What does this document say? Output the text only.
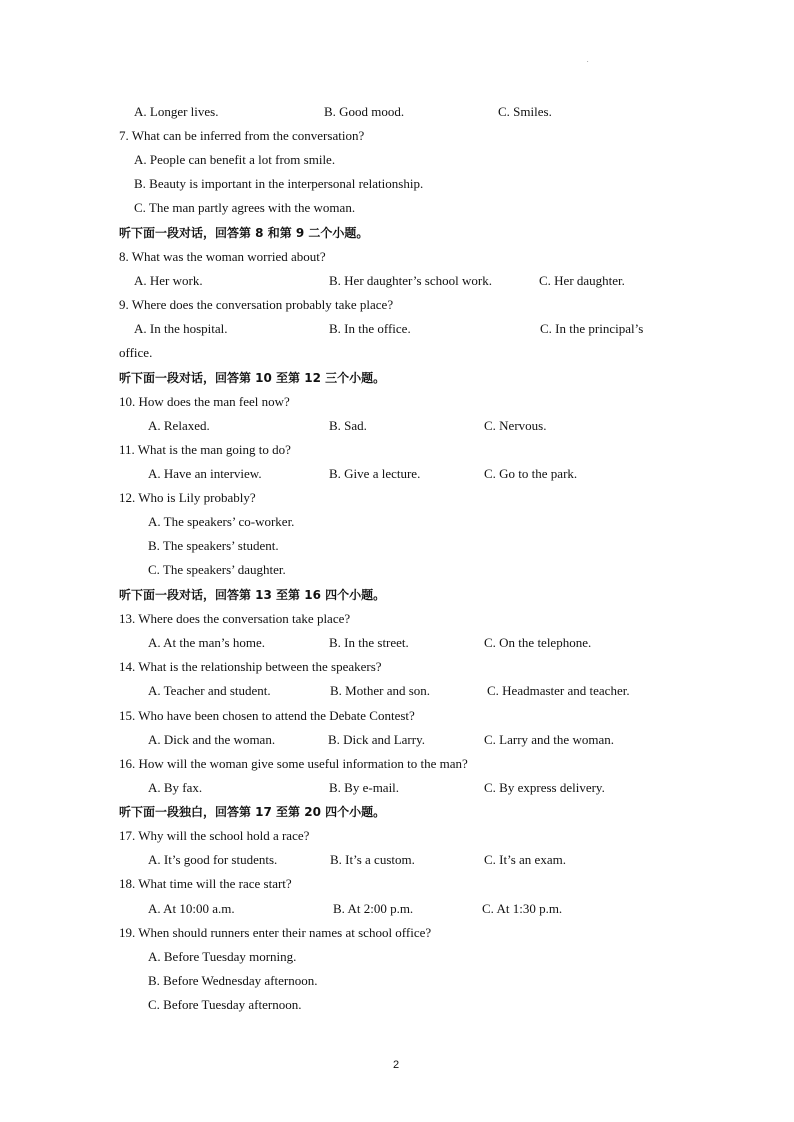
.
A. Longer lives.	B. Good mood.	C. Smiles.
7. What can be inferred from the conversation?
A. People can benefit a lot from smile.
B. Beauty is important in the interpersonal relationship.
C. The man partly agrees with the woman.
听下面一段对话，回答第 8 和第 9 二个小题。
8. What was the woman worried about?
A. Her work.	B. Her daughter’s school work.	C. Her daughter.
9. Where does the conversation probably take place?
A. In the hospital.	B. In the office.	C. In the principal’s
office.
听下面一段对话，回答第 10 至第 12 三个小题。
10. How does the man feel now?
A. Relaxed.	B. Sad.	C. Nervous.
11. What is the man going to do?
A. Have an interview.	B. Give a lecture.	C. Go to the park.
12. Who is Lily probably?
A. The speakers’ co-worker.
B. The speakers’ student.
C. The speakers’ daughter.
听下面一段对话，回答第 13 至第 16 四个小题。
13. Where does the conversation take place?
A. At the man’s home.	B. In the street.	C. On the telephone.
14. What is the relationship between the speakers?
A. Teacher and student.	B. Mother and son.	C. Headmaster and teacher.
15. Who have been chosen to attend the Debate Contest?
A. Dick and the woman.	B. Dick and Larry.	C. Larry and the woman.
16. How will the woman give some useful information to the man?
A. By fax.	B. By e-mail.	C. By express delivery.
听下面一段独白，回答第 17 至第 20 四个小题。
17. Why will the school hold a race?
A. It’s good for students.	B. It’s a custom.	C. It’s an exam.
18. What time will the race start?
A. At 10:00 a.m.	B. At 2:00 p.m.	C. At 1:30 p.m.
19. When should runners enter their names at school office?
A. Before Tuesday morning.
B. Before Wednesday afternoon.
C. Before Tuesday afternoon.
2
